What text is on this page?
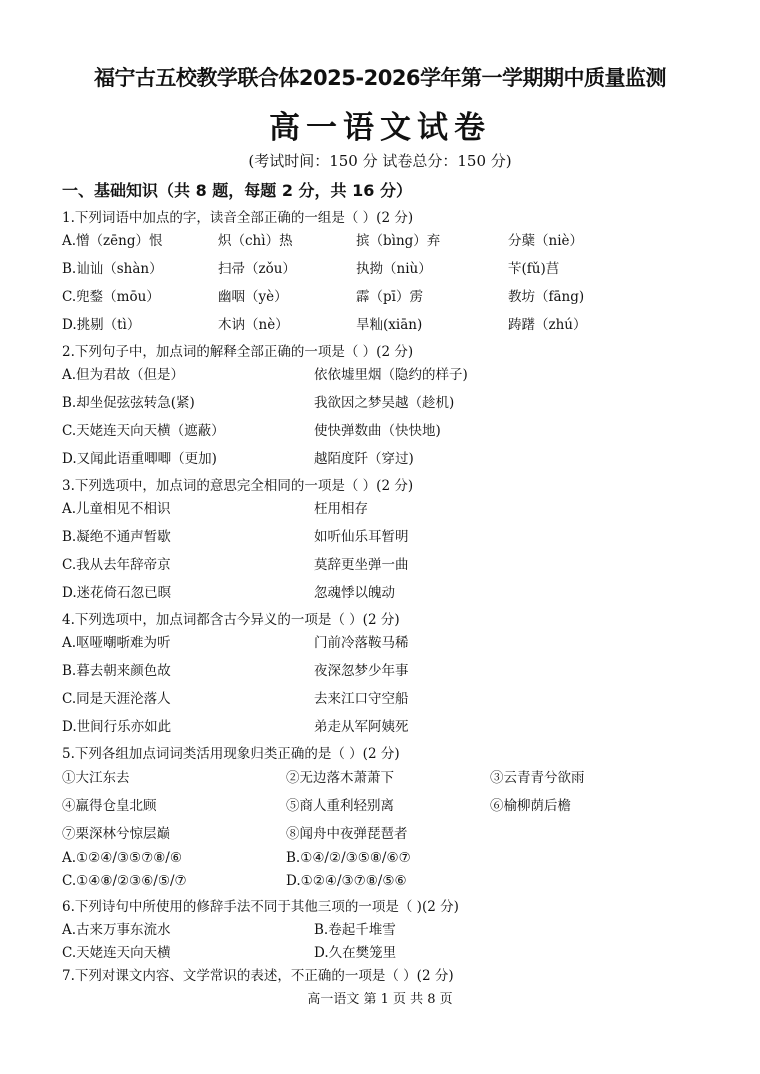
福宁古五校教学联合体2025-2026学年第一学期期中质量监测
高一语文试卷
(考试时间：150 分 试卷总分：150 分)
一、基础知识（共 8 题，每题 2 分，共 16 分）
1.下列词语中加点的字，读音全部正确的一组是（ ）(2 分)
A.憎（zēng）恨	炽（chì）热	摈（bìng）弃	分蘖（niè）
B.讪讪（shàn）	扫帚（zǒu）	执拗（niù）	苄(fǔ)莒
C.兜鍪（mōu）	幽咽（yè）	霹（pī）雳	教坊（fāng)
D.挑剔（tì）	木讷（nè）	旱籼(xiān)	踌躇（zhú）
2.下列句子中，加点词的解释全部正确的一项是（ ）(2 分)
A.但为君故（但是）	依依墟里烟（隐约的样子)
B.却坐促弦弦转急(紧)	我欲因之梦吴越（趁机)
C.天姥连天向天横（遮蔽）	使快弹数曲（快快地)
D.又闻此语重唧唧（更加)	越陌度阡（穿过)
3.下列选项中，加点词的意思完全相同的一项是（ ）(2 分)
A.儿童相见不相识	枉用相存
B.凝绝不通声暂歇	如听仙乐耳暂明
C.我从去年辞帝京	莫辞更坐弹一曲
D.迷花倚石忽已暝	忽魂悸以魄动
4.下列选项中，加点词都含古今异义的一项是（ ）(2 分)
A.呕哑嘲哳难为听	门前冷落鞍马稀
B.暮去朝来颜色故	夜深忽梦少年事
C.同是天涯沦落人	去来江口守空船
D.世间行乐亦如此	弟走从军阿姨死
5.下列各组加点词词类活用现象归类正确的是（ ）(2 分)
①大江东去	②无边落木萧萧下	③云青青兮欲雨
④羸得仓皇北顾	⑤商人重利轻别离	⑥榆柳荫后檐
⑦栗深林兮惊层巅	⑧闻舟中夜弹琵琶者
A.①②④/③⑤⑦⑧/⑥	B.①④/②/③⑤⑧/⑥⑦
C.①④⑧/②③⑥/⑤/⑦	D.①②④/③⑦⑧/⑤⑥
6.下列诗句中所使用的修辞手法不同于其他三项的一项是（ )(2 分)
A.古来万事东流水	B.卷起千堆雪
C.天姥连天向天横	D.久在樊笼里
7.下列对课文内容、文学常识的表述，不正确的一项是（ ）(2 分)
高一语文 第 1 页 共 8 页
